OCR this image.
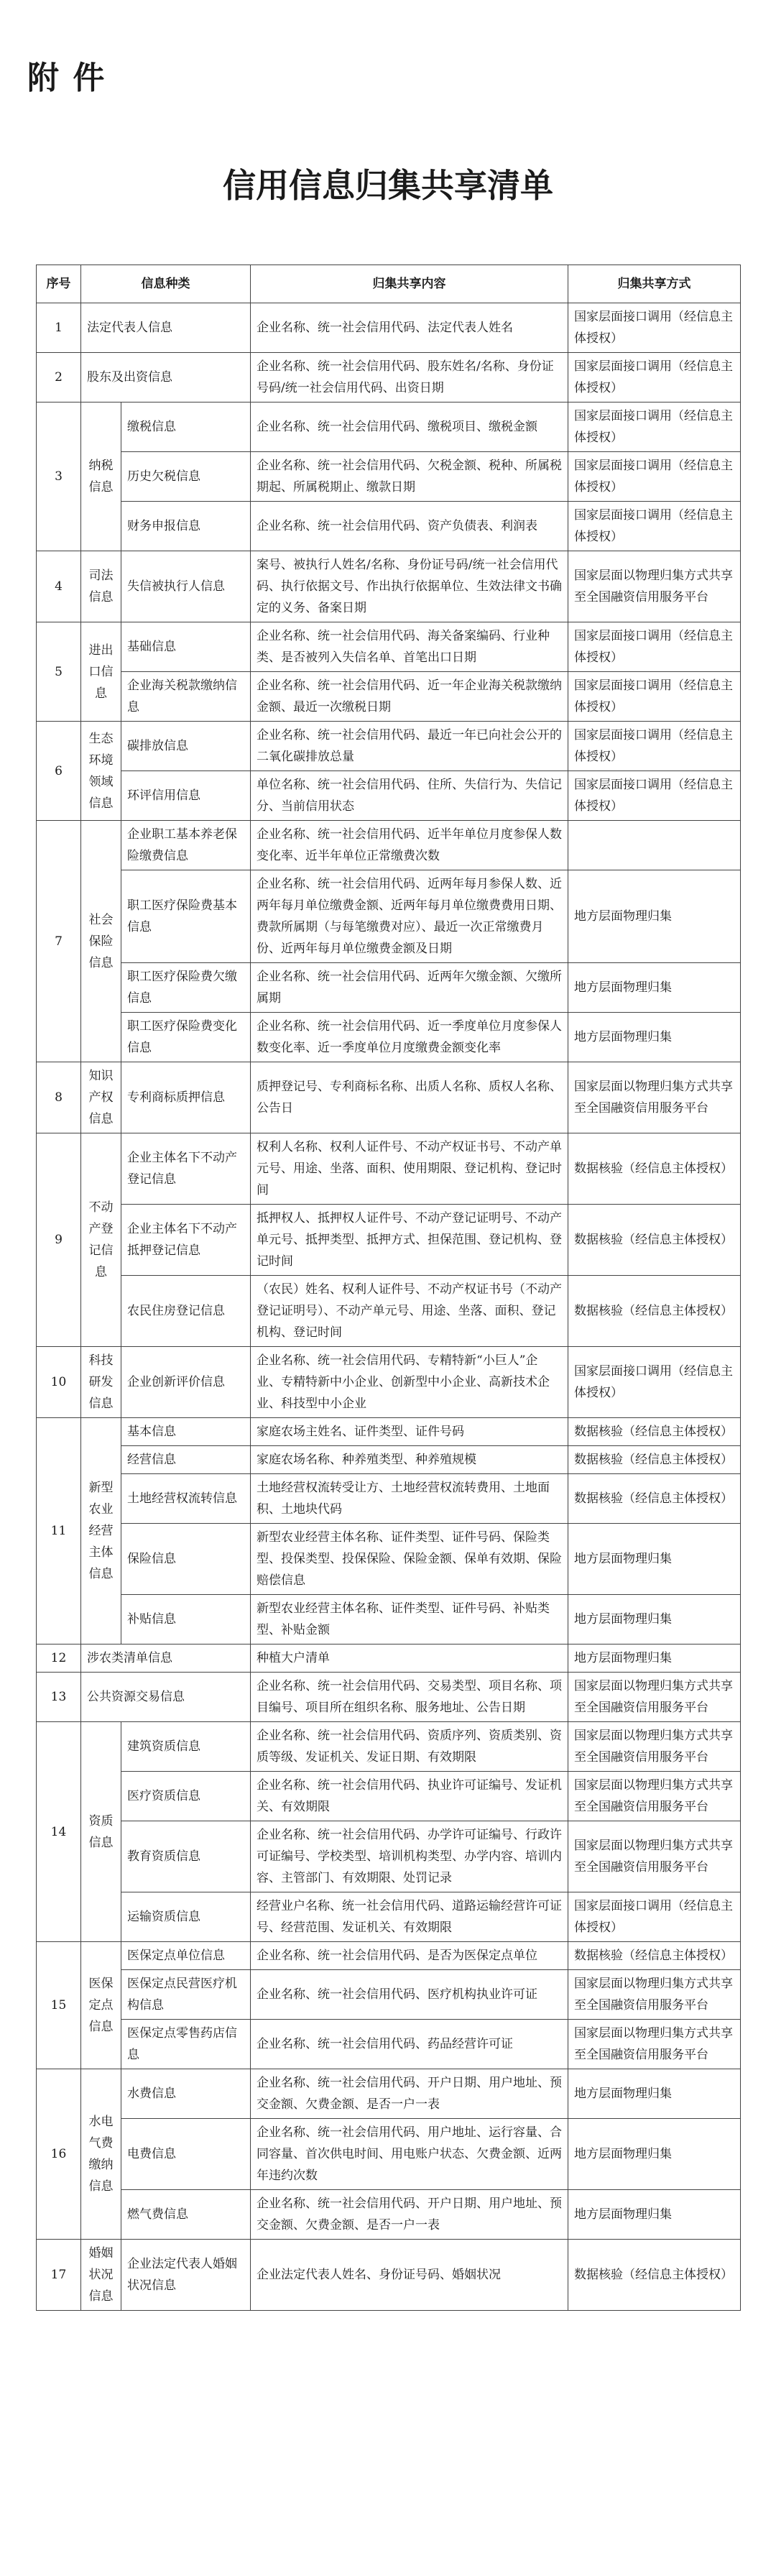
附 件
信用信息归集共享清单
序号	信息种类		归集共享内容	归集共享方式
1	法定代表人信息		企业名称、统一社会信用代码、法定代表人姓名	国家层面接口调用（经信息主体授权）
2	股东及出资信息		企业名称、统一社会信用代码、股东姓名/名称、身份证号码/统一社会信用代码、出资日期	国家层面接口调用（经信息主体授权）
3	纳税信息	缴税信息	企业名称、统一社会信用代码、缴税项目、缴税金额	国家层面接口调用（经信息主体授权）
		历史欠税信息	企业名称、统一社会信用代码、欠税金额、税种、所属税期起、所属税期止、缴款日期	国家层面接口调用（经信息主体授权）
		财务申报信息	企业名称、统一社会信用代码、资产负债表、利润表	国家层面接口调用（经信息主体授权）
4	司法信息	失信被执行人信息	案号、被执行人姓名/名称、身份证号码/统一社会信用代码、执行依据文号、作出执行依据单位、生效法律文书确定的义务、备案日期	国家层面以物理归集方式共享至全国融资信用服务平台
5	进出口信息	基础信息	企业名称、统一社会信用代码、海关备案编码、行业种类、是否被列入失信名单、首笔出口日期	国家层面接口调用（经信息主体授权）
		企业海关税款缴纳信息	企业名称、统一社会信用代码、近一年企业海关税款缴纳金额、最近一次缴税日期	国家层面接口调用（经信息主体授权）
6	生态环境领域信息	碳排放信息	企业名称、统一社会信用代码、最近一年已向社会公开的二氧化碳排放总量	国家层面接口调用（经信息主体授权）
		环评信用信息	单位名称、统一社会信用代码、住所、失信行为、失信记分、当前信用状态	国家层面接口调用（经信息主体授权）
7	社会保险信息	企业职工基本养老保险缴费信息	企业名称、统一社会信用代码、近半年单位月度参保人数变化率、近半年单位正常缴费次数	
		职工医疗保险费基本信息	企业名称、统一社会信用代码、近两年每月参保人数、近两年每月单位缴费金额、近两年每月单位缴费费用日期、费款所属期（与每笔缴费对应）、最近一次正常缴费月份、近两年每月单位缴费金额及日期	地方层面物理归集
		职工医疗保险费欠缴信息	企业名称、统一社会信用代码、近两年欠缴金额、欠缴所属期	地方层面物理归集
		职工医疗保险费变化信息	企业名称、统一社会信用代码、近一季度单位月度参保人数变化率、近一季度单位月度缴费金额变化率	地方层面物理归集
8	知识产权信息	专利商标质押信息	质押登记号、专利商标名称、出质人名称、质权人名称、公告日	国家层面以物理归集方式共享至全国融资信用服务平台
9	不动产登记信息	企业主体名下不动产登记信息	权利人名称、权利人证件号、不动产权证书号、不动产单元号、用途、坐落、面积、使用期限、登记机构、登记时间	数据核验（经信息主体授权）
		企业主体名下不动产抵押登记信息	抵押权人、抵押权人证件号、不动产登记证明号、不动产单元号、抵押类型、抵押方式、担保范围、登记机构、登记时间	数据核验（经信息主体授权）
		农民住房登记信息	（农民）姓名、权利人证件号、不动产权证书号（不动产登记证明号）、不动产单元号、用途、坐落、面积、登记机构、登记时间	数据核验（经信息主体授权）
10	科技研发信息	企业创新评价信息	企业名称、统一社会信用代码、专精特新“小巨人”企业、专精特新中小企业、创新型中小企业、高新技术企业、科技型中小企业	国家层面接口调用（经信息主体授权）
11	新型农业经营主体信息	基本信息	家庭农场主姓名、证件类型、证件号码	数据核验（经信息主体授权）
		经营信息	家庭农场名称、种养殖类型、种养殖规模	数据核验（经信息主体授权）
		土地经营权流转信息	土地经营权流转受让方、土地经营权流转费用、土地面积、土地块代码	数据核验（经信息主体授权）
		保险信息	新型农业经营主体名称、证件类型、证件号码、保险类型、投保类型、投保保险、保险金额、保单有效期、保险赔偿信息	地方层面物理归集
		补贴信息	新型农业经营主体名称、证件类型、证件号码、补贴类型、补贴金额	地方层面物理归集
12	涉农类清单信息		种植大户清单	地方层面物理归集
13	公共资源交易信息		企业名称、统一社会信用代码、交易类型、项目名称、项目编号、项目所在组织名称、服务地址、公告日期	国家层面以物理归集方式共享至全国融资信用服务平台
14	资质信息	建筑资质信息	企业名称、统一社会信用代码、资质序列、资质类别、资质等级、发证机关、发证日期、有效期限	国家层面以物理归集方式共享至全国融资信用服务平台
		医疗资质信息	企业名称、统一社会信用代码、执业许可证编号、发证机关、有效期限	国家层面以物理归集方式共享至全国融资信用服务平台
		教育资质信息	企业名称、统一社会信用代码、办学许可证编号、行政许可证编号、学校类型、培训机构类型、办学内容、培训内容、主管部门、有效期限、处罚记录	国家层面以物理归集方式共享至全国融资信用服务平台
		运输资质信息	经营业户名称、统一社会信用代码、道路运输经营许可证号、经营范围、发证机关、有效期限	国家层面接口调用（经信息主体授权）
15	医保定点信息	医保定点单位信息	企业名称、统一社会信用代码、是否为医保定点单位	数据核验（经信息主体授权）
		医保定点民营医疗机构信息	企业名称、统一社会信用代码、医疗机构执业许可证	国家层面以物理归集方式共享至全国融资信用服务平台
		医保定点零售药店信息	企业名称、统一社会信用代码、药品经营许可证	国家层面以物理归集方式共享至全国融资信用服务平台
16	水电气费缴纳信息	水费信息	企业名称、统一社会信用代码、开户日期、用户地址、预交金额、欠费金额、是否一户一表	地方层面物理归集
		电费信息	企业名称、统一社会信用代码、用户地址、运行容量、合同容量、首次供电时间、用电账户状态、欠费金额、近两年违约次数	地方层面物理归集
		燃气费信息	企业名称、统一社会信用代码、开户日期、用户地址、预交金额、欠费金额、是否一户一表	地方层面物理归集
17	婚姻状况信息	企业法定代表人婚姻状况信息	企业法定代表人姓名、身份证号码、婚姻状况	数据核验（经信息主体授权）
